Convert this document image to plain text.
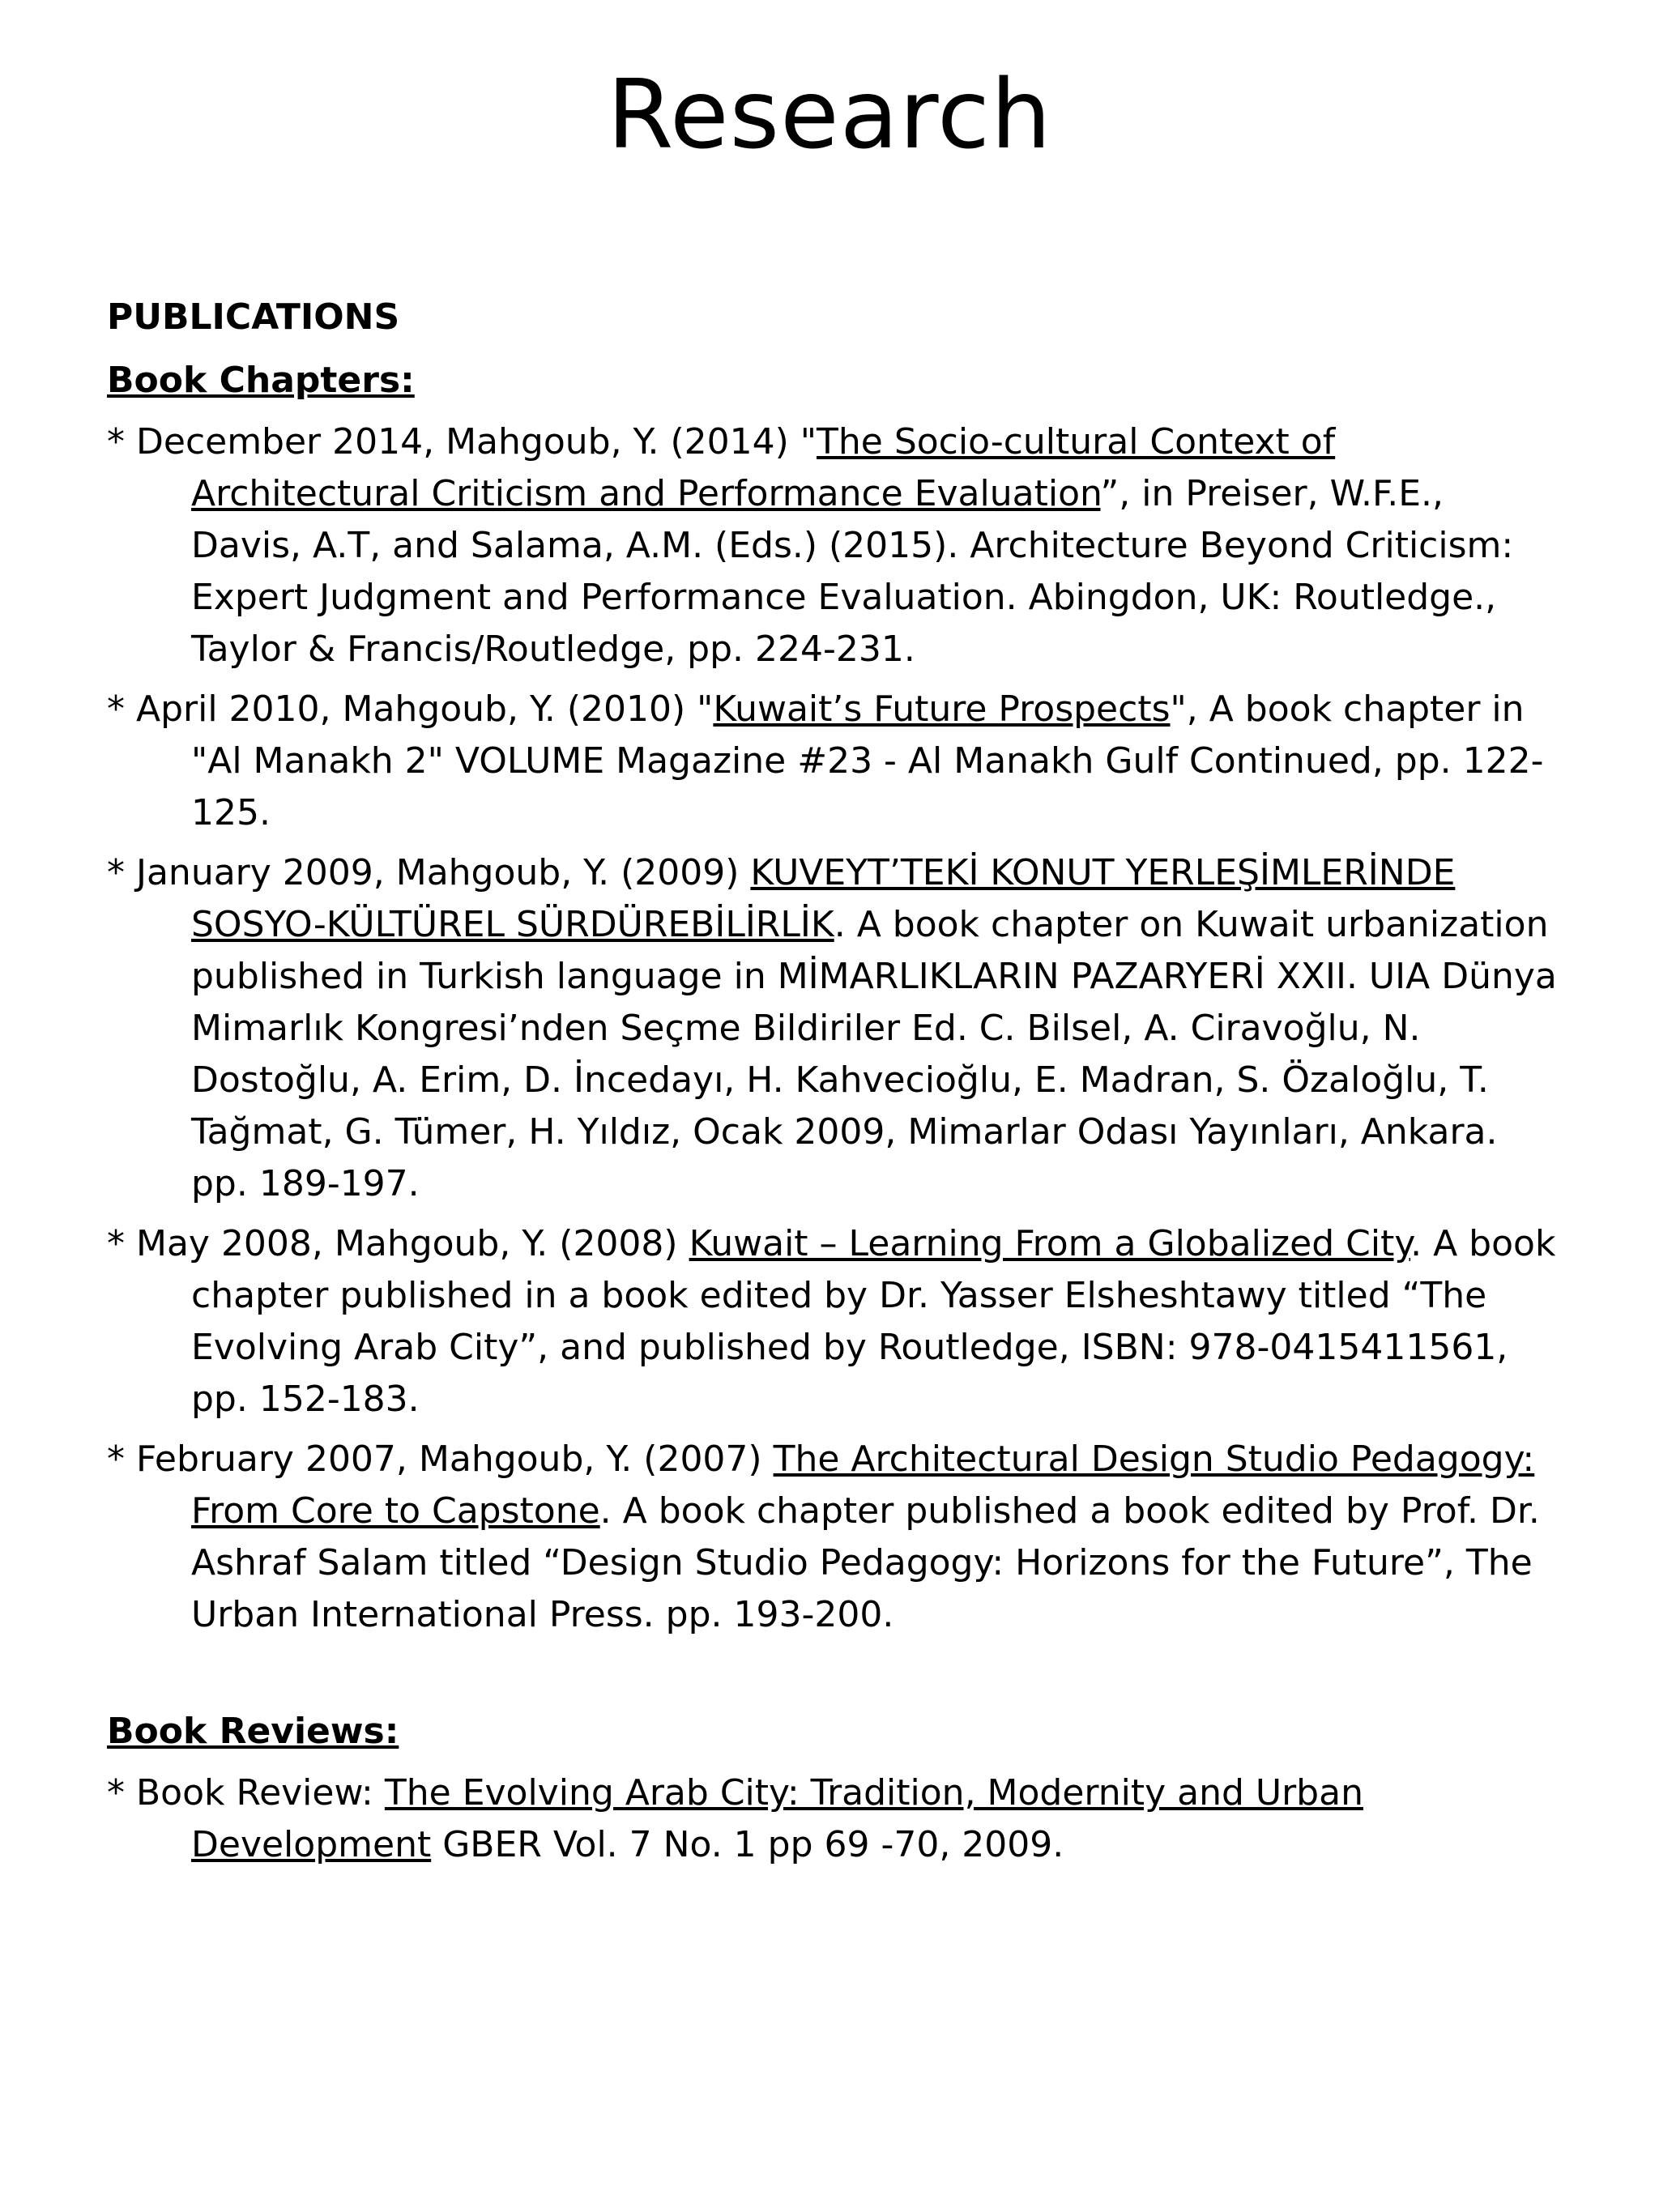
Research

PUBLICATIONS

Book Chapters:

* December 2014, Mahgoub, Y. (2014) "The Socio-cultural Context of Architectural Criticism and Performance Evaluation”, in Preiser, W.F.E., Davis, A.T, and Salama, A.M. (Eds.) (2015). Architecture Beyond Criticism: Expert Judgment and Performance Evaluation. Abingdon, UK: Routledge., Taylor & Francis/Routledge, pp. 224-231.

* April 2010, Mahgoub, Y. (2010) "Kuwait’s Future Prospects", A book chapter in "Al Manakh 2" VOLUME Magazine #23 - Al Manakh Gulf Continued, pp. 122-125.

* January 2009, Mahgoub, Y. (2009) KUVEYT’TEKİ KONUT YERLEŞİMLERİNDE SOSYO-KÜLTÜREL SÜRDÜREBİLİRLİK. A book chapter on Kuwait urbanization published in Turkish language in MİMARLIKLARIN PAZARYERİ XXII. UIA Dünya Mimarlık Kongresi’nden Seçme Bildiriler Ed. C. Bilsel, A. Ciravoğlu, N. Dostoğlu, A. Erim, D. İncedayı, H. Kahvecioğlu, E. Madran, S. Özaloğlu, T. Tağmat, G. Tümer, H. Yıldız, Ocak 2009, Mimarlar Odası Yayınları, Ankara. pp. 189-197.

* May 2008, Mahgoub, Y. (2008) Kuwait – Learning From a Globalized City. A book chapter published in a book edited by Dr. Yasser Elsheshtawy titled “The Evolving Arab City”, and published by Routledge, ISBN: 978-0415411561, pp. 152-183.

* February 2007, Mahgoub, Y. (2007) The Architectural Design Studio Pedagogy: From Core to Capstone. A book chapter published a book edited by Prof. Dr. Ashraf Salam titled “Design Studio Pedagogy: Horizons for the Future”, The Urban International Press. pp. 193-200.

Book Reviews:

* Book Review: The Evolving Arab City: Tradition, Modernity and Urban Development GBER Vol. 7 No. 1 pp 69 -70, 2009.
